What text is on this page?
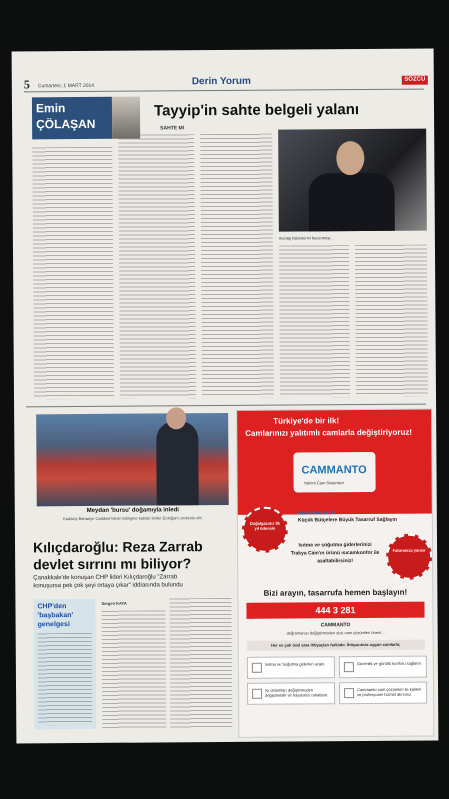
5 Cumartesi, 1 MART 2014	Derin Yorum	SÖZCÜ
Emin
ÇÖLAŞAN
Tayyip'in sahte belgeli yalanı
SAHTE MI
montaj haberlerini becermeyi...
Meydan 'bursu' doğamıyla inledi
Kadıköy Bahariye Caddesi'ndeki mitingine katılan binler Erdoğan'ı protesto etti.
Kılıçdaroğlu: Reza Zarrab
devlet sırrını mı biliyor?
Çanakkale'de konuşan CHP lideri Kılıçdaroğlu "Zarrab
konuşursa pek çok şeyi ortaya çıkar" iddiasında bulundu
CHP'den
'başbakan'
genelgesi
Sergen KAYA
Türkiye'de bir ilk!
Camlarınızı yalıtımlı camlarla değiştiriyoruz!
CAMMANTO
Yalıtım Cam Sistemleri
Doğalgazınız ilk yıl ödensin
Faturanıza yansır
ısıcamkonfor ile
Küçük Bütçelere Büyük Tasarruf Sağlayın
Isıtma ve soğutma giderlerinizi
Trakya Cam'ın ürünü ısıcamkonfor ile
azaltabilirsiniz!
Bizi arayın, tasarrufa hemen başlayın!
444 3 281
CAMMANTO
doğramanızı değiştirmeden size cam çözümleri önerir...
Her ev çok özel ama ihtiyaçları farklıdır. İhtiyacınıza uygun camlarla;
Isıtma ve Soğutma giderleri azalır.	Güvenlik ve gürültü konforu sağlanır.
Isı dolumları değiştirmeden değiştirebilir ve hayatınızı rahatlatır.
Cammanto cam çözümleri ile kaliteli ve profesyonel hizmet alırsınız.
